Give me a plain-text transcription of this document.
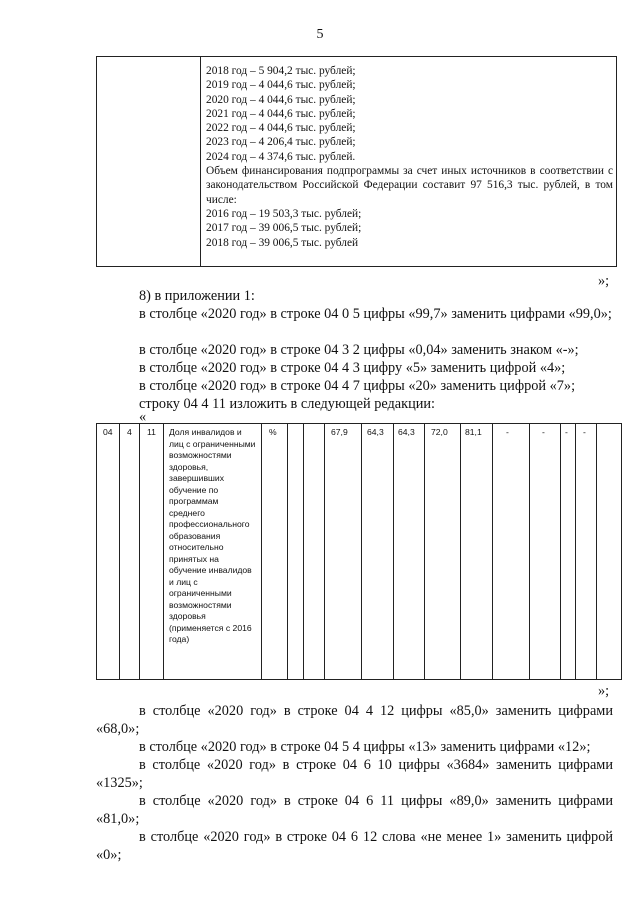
5
2018 год – 5 904,2 тыс. рублей;
2019 год – 4 044,6 тыс. рублей;
2020 год – 4 044,6 тыс. рублей;
2021 год – 4 044,6 тыс. рублей;
2022 год – 4 044,6 тыс. рублей;
2023 год – 4 206,4 тыс. рублей;
2024 год – 4 374,6 тыс. рублей.
Объем финансирования подпрограммы за счет иных источников в соответствии с законодательством Российской Федерации составит 97 516,3 тыс. рублей, в том числе:
2016 год – 19 503,3 тыс. рублей;
2017 год – 39 006,5 тыс. рублей;
2018 год – 39 006,5 тыс. рублей
»;
8) в приложении 1:
в столбце «2020 год» в строке 04 0 5 цифры «99,7» заменить цифрами «99,0»;
в столбце «2020 год» в строке 04 3 2 цифры «0,04» заменить знаком «-»;
в столбце «2020 год» в строке 04 4 3 цифру «5» заменить цифрой «4»;
в столбце «2020 год» в строке 04 4 7 цифры «20» заменить цифрой «7»;
строку 04 4 11 изложить в следующей редакции:
«
04 4 11 Доля инвалидов и лиц с ограниченными возможностями здоровья, завершивших обучение по программам среднего профессионального образования относительно принятых на обучение инвалидов и лиц с ограниченными возможностями здоровья (применяется с 2016 года)
%	67,9 64,3 64,3 72,0 81,1	-	- - -
»;
в столбце «2020 год» в строке 04 4 12 цифры «85,0» заменить цифрами «68,0»;
в столбце «2020 год» в строке 04 5 4 цифры «13» заменить цифрами «12»;
в столбце «2020 год» в строке 04 6 10 цифры «3684» заменить цифрами «1325»;
в столбце «2020 год» в строке 04 6 11 цифры «89,0» заменить цифрами «81,0»;
в столбце «2020 год» в строке 04 6 12 слова «не менее 1» заменить цифрой «0»;
